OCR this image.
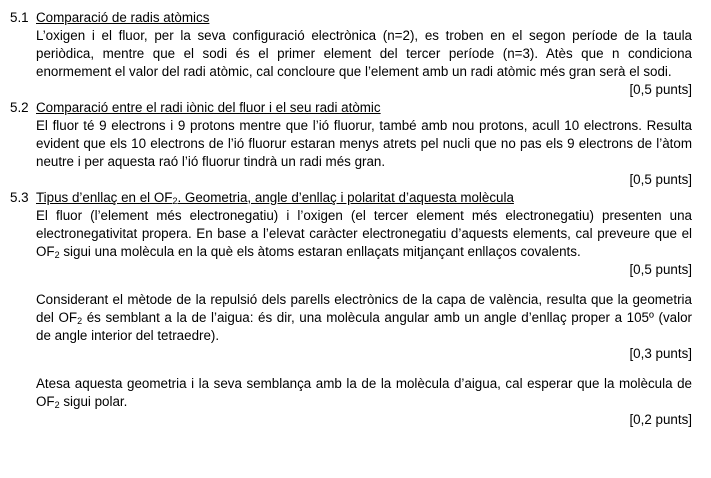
5.1 Comparació de radis atòmics
L’oxigen i el fluor, per la seva configuració electrònica (n=2), es troben en el segon període de la taula periòdica, mentre que el sodi és el primer element del tercer període (n=3). Atès que n condiciona enormement el valor del radi atòmic, cal concloure que l’element amb un radi atòmic més gran serà el sodi.
[0,5 punts]
5.2 Comparació entre el radi iònic del fluor i el seu radi atòmic
El fluor té 9 electrons i 9 protons mentre que l’ió fluorur, també amb nou protons, acull 10 electrons. Resulta evident que els 10 electrons de l’ió fluorur estaran menys atrets pel nucli que no pas els 9 electrons de l’àtom neutre i per aquesta raó l’ió fluorur tindrà un radi més gran.
[0,5 punts]
5.3 Tipus d’enllaç en el $OF_2$. Geometria, angle d’enllaç i polaritat d’aquesta molècula
El fluor (l’element més electronegatiu) i l’oxigen (el tercer element més electronegatiu) presenten una electronegativitat propera. En base a l’elevat caràcter electronegatiu d’aquests elements, cal preveure que el $OF_2$ sigui una molècula en la què els àtoms estaran enllaçats mitjançant enllaços covalents.
[0,5 punts]
Considerant el mètode de la repulsió dels parells electrònics de la capa de valència, resulta que la geometria del $OF_2$ és semblant a la de l’aigua: és dir, una molècula angular amb un angle d’enllaç proper a 105º (valor de angle interior del tetraedre).
[0,3 punts]
Atesa aquesta geometria i la seva semblança amb la de la molècula d’aigua, cal esperar que la molècula de $OF_2$ sigui polar.
[0,2 punts]
